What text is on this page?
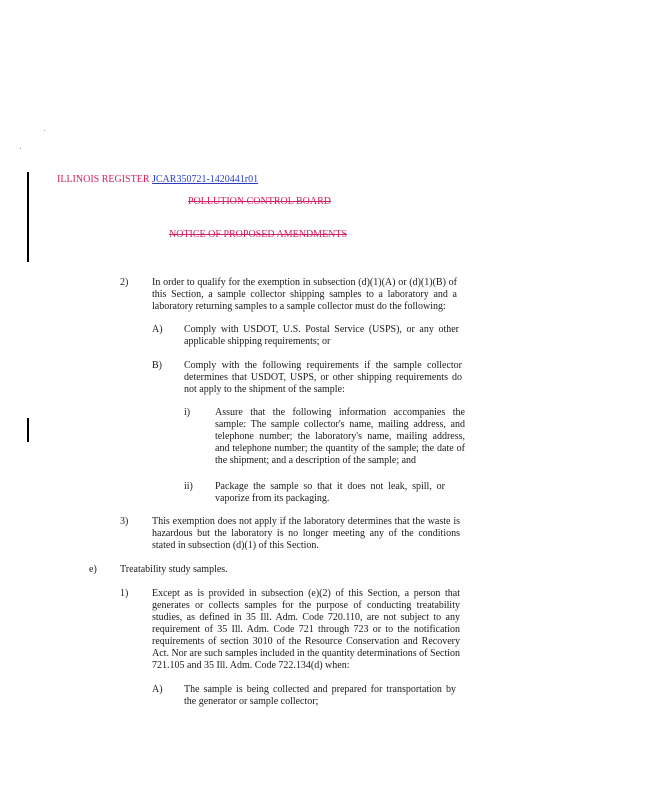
ILLINOIS REGISTER JCAR350721-1420441r01
POLLUTION CONTROL BOARD
NOTICE OF PROPOSED AMENDMENTS
2) In order to qualify for the exemption in subsection (d)(1)(A) or (d)(1)(B) of this Section, a sample collector shipping samples to a laboratory and a laboratory returning samples to a sample collector must do the following:
A) Comply with USDOT, U.S. Postal Service (USPS), or any other applicable shipping requirements; or
B) Comply with the following requirements if the sample collector determines that USDOT, USPS, or other shipping requirements do not apply to the shipment of the sample:
i) Assure that the following information accompanies the sample: The sample collector's name, mailing address, and telephone number; the laboratory's name, mailing address, and telephone number; the quantity of the sample; the date of the shipment; and a description of the sample; and
ii) Package the sample so that it does not leak, spill, or vaporize from its packaging.
3) This exemption does not apply if the laboratory determines that the waste is hazardous but the laboratory is no longer meeting any of the conditions stated in subsection (d)(1) of this Section.
e) Treatability study samples.
1) Except as is provided in subsection (e)(2) of this Section, a person that generates or collects samples for the purpose of conducting treatability studies, as defined in 35 Ill. Adm. Code 720.110, are not subject to any requirement of 35 Ill. Adm. Code 721 through 723 or to the notification requirements of section 3010 of the Resource Conservation and Recovery Act. Nor are such samples included in the quantity determinations of Section 721.105 and 35 Ill. Adm. Code 722.134(d) when:
A) The sample is being collected and prepared for transportation by the generator or sample collector;
